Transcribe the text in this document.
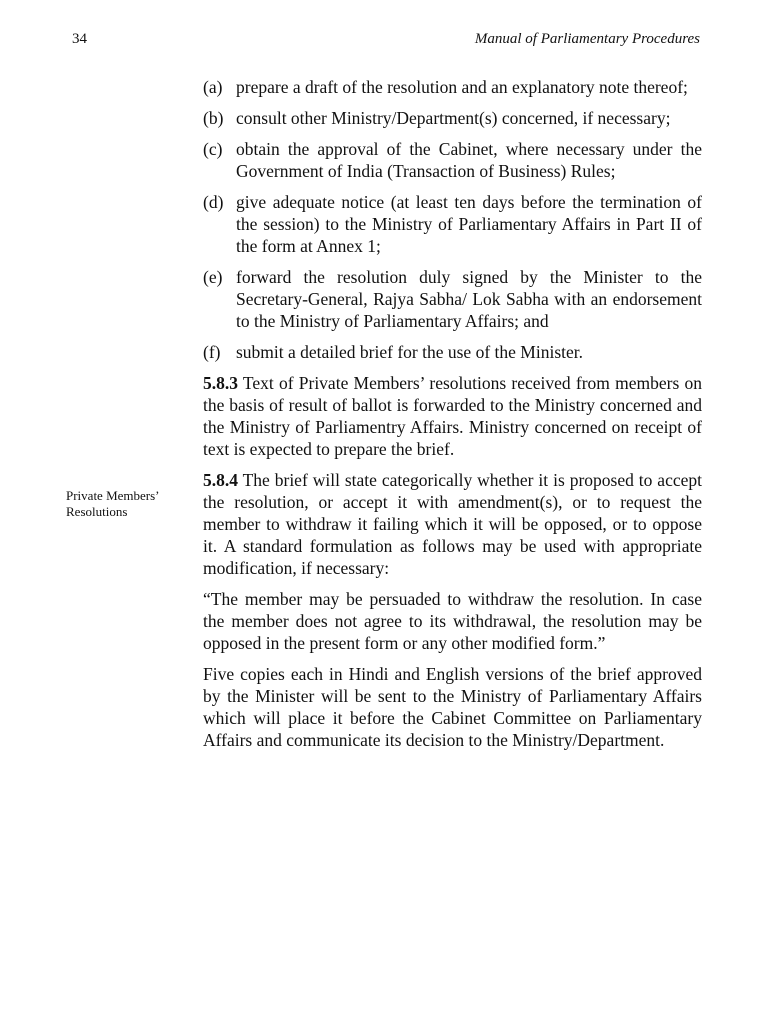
34	Manual of Parliamentary Procedures
Private Members’ Resolutions
(a) prepare a draft of the resolution and an explanatory note thereof;
(b) consult other Ministry/Department(s) concerned, if necessary;
(c) obtain the approval of the Cabinet, where necessary under the Government of India (Transaction of Business) Rules;
(d) give adequate notice (at least ten days before the termination of the session) to the Ministry of Parliamentary Affairs in Part II of the form at Annex 1;
(e) forward the resolution duly signed by the Minister to the Secretary-General, Rajya Sabha/ Lok Sabha with an endorsement to the Ministry of Parliamentary Affairs; and
(f) submit a detailed brief for the use of the Minister.

5.8.3 Text of Private Members’ resolutions received from members on the basis of result of ballot is forwarded to the Ministry concerned and the Ministry of Parliamentry Affairs. Ministry concerned on receipt of text is expected to prepare the brief.

5.8.4 The brief will state categorically whether it is proposed to accept the resolution, or accept it with amendment(s), or to request the member to withdraw it failing which it will be opposed, or to oppose it. A standard formulation as follows may be used with appropriate modification, if necessary:

“The member may be persuaded to withdraw the resolution. In case the member does not agree to its withdrawal, the resolution may be opposed in the present form or any other modified form.”

Five copies each in Hindi and English versions of the brief approved by the Minister will be sent to the Ministry of Parliamentary Affairs which will place it before the Cabinet Committee on Parliamentary Affairs and communicate its decision to the Ministry/Department.
